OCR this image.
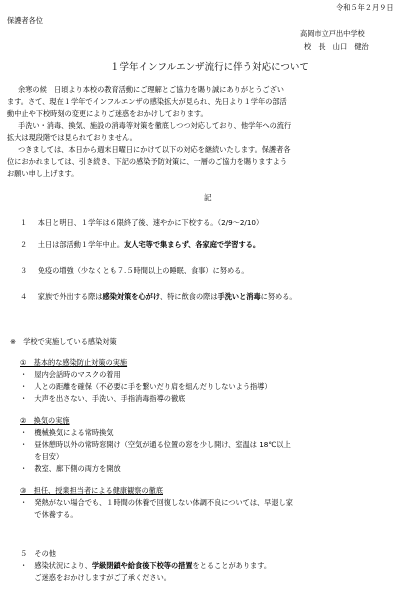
令和５年２月９日
保護者各位
高岡市立戸出中学校
校　長　山口　健治
１学年インフルエンザ流行に伴う対応について
余寒の候　日頃より本校の教育活動にご理解とご協力を賜り誠にありがとうござい
ます。さて、現在１学年でインフルエンザの感染拡大が見られ、先日より１学年の部活
動中止や下校時刻の変更によりご迷惑をおかけしております。
手洗い・消毒、換気、施設の消毒等対策を徹底しつつ対応しており、他学年への流行
拡大は現段階では見られておりません。
つきましては、本日から週末日曜日にかけて以下の対応を継続いたします。保護者各
位におかれましては、引き続き、下記の感染予防対策に、一層のご協力を賜りますよう
お願い申し上げます。
記
１ 本日と明日、１学年は６限終了後、速やかに下校する。（2/9～2/10）
２ 土日は部活動１学年中止。友人宅等で集まらず、各家庭で学習する。
３ 免疫の増強（少なくとも７.５時間以上の睡眠、食事）に努める。
４ 家族で外出する際は感染対策を心がけ、特に飲食の際は手洗いと消毒に努める。
※　学校で実施している感染対策
①　基本的な感染防止対策の実施
・　屋内会話時のマスクの着用
・　人との距離を確保（不必要に手を繋いだり肩を組んだりしないよう指導）
・　大声を出さない、手洗い、手指消毒指導の徹底
②　換気の実施
・　機械換気による常時換気
・　昼休憩時以外の常時窓開け（空気が通る位置の窓を少し開け、室温は 18℃以上
　　を目安）
・　教室、廊下側の両方を開放
③　担任、授業担当者による健康観察の徹底
・　発熱がない場合でも、１時間の休養で回復しない体調不良については、早退し家
　　で休養する。
５　その他
・　感染状況により、学級閉鎖や給食後下校等の措置をとることがあります。
　　ご迷惑をおかけしますがご了承ください。
